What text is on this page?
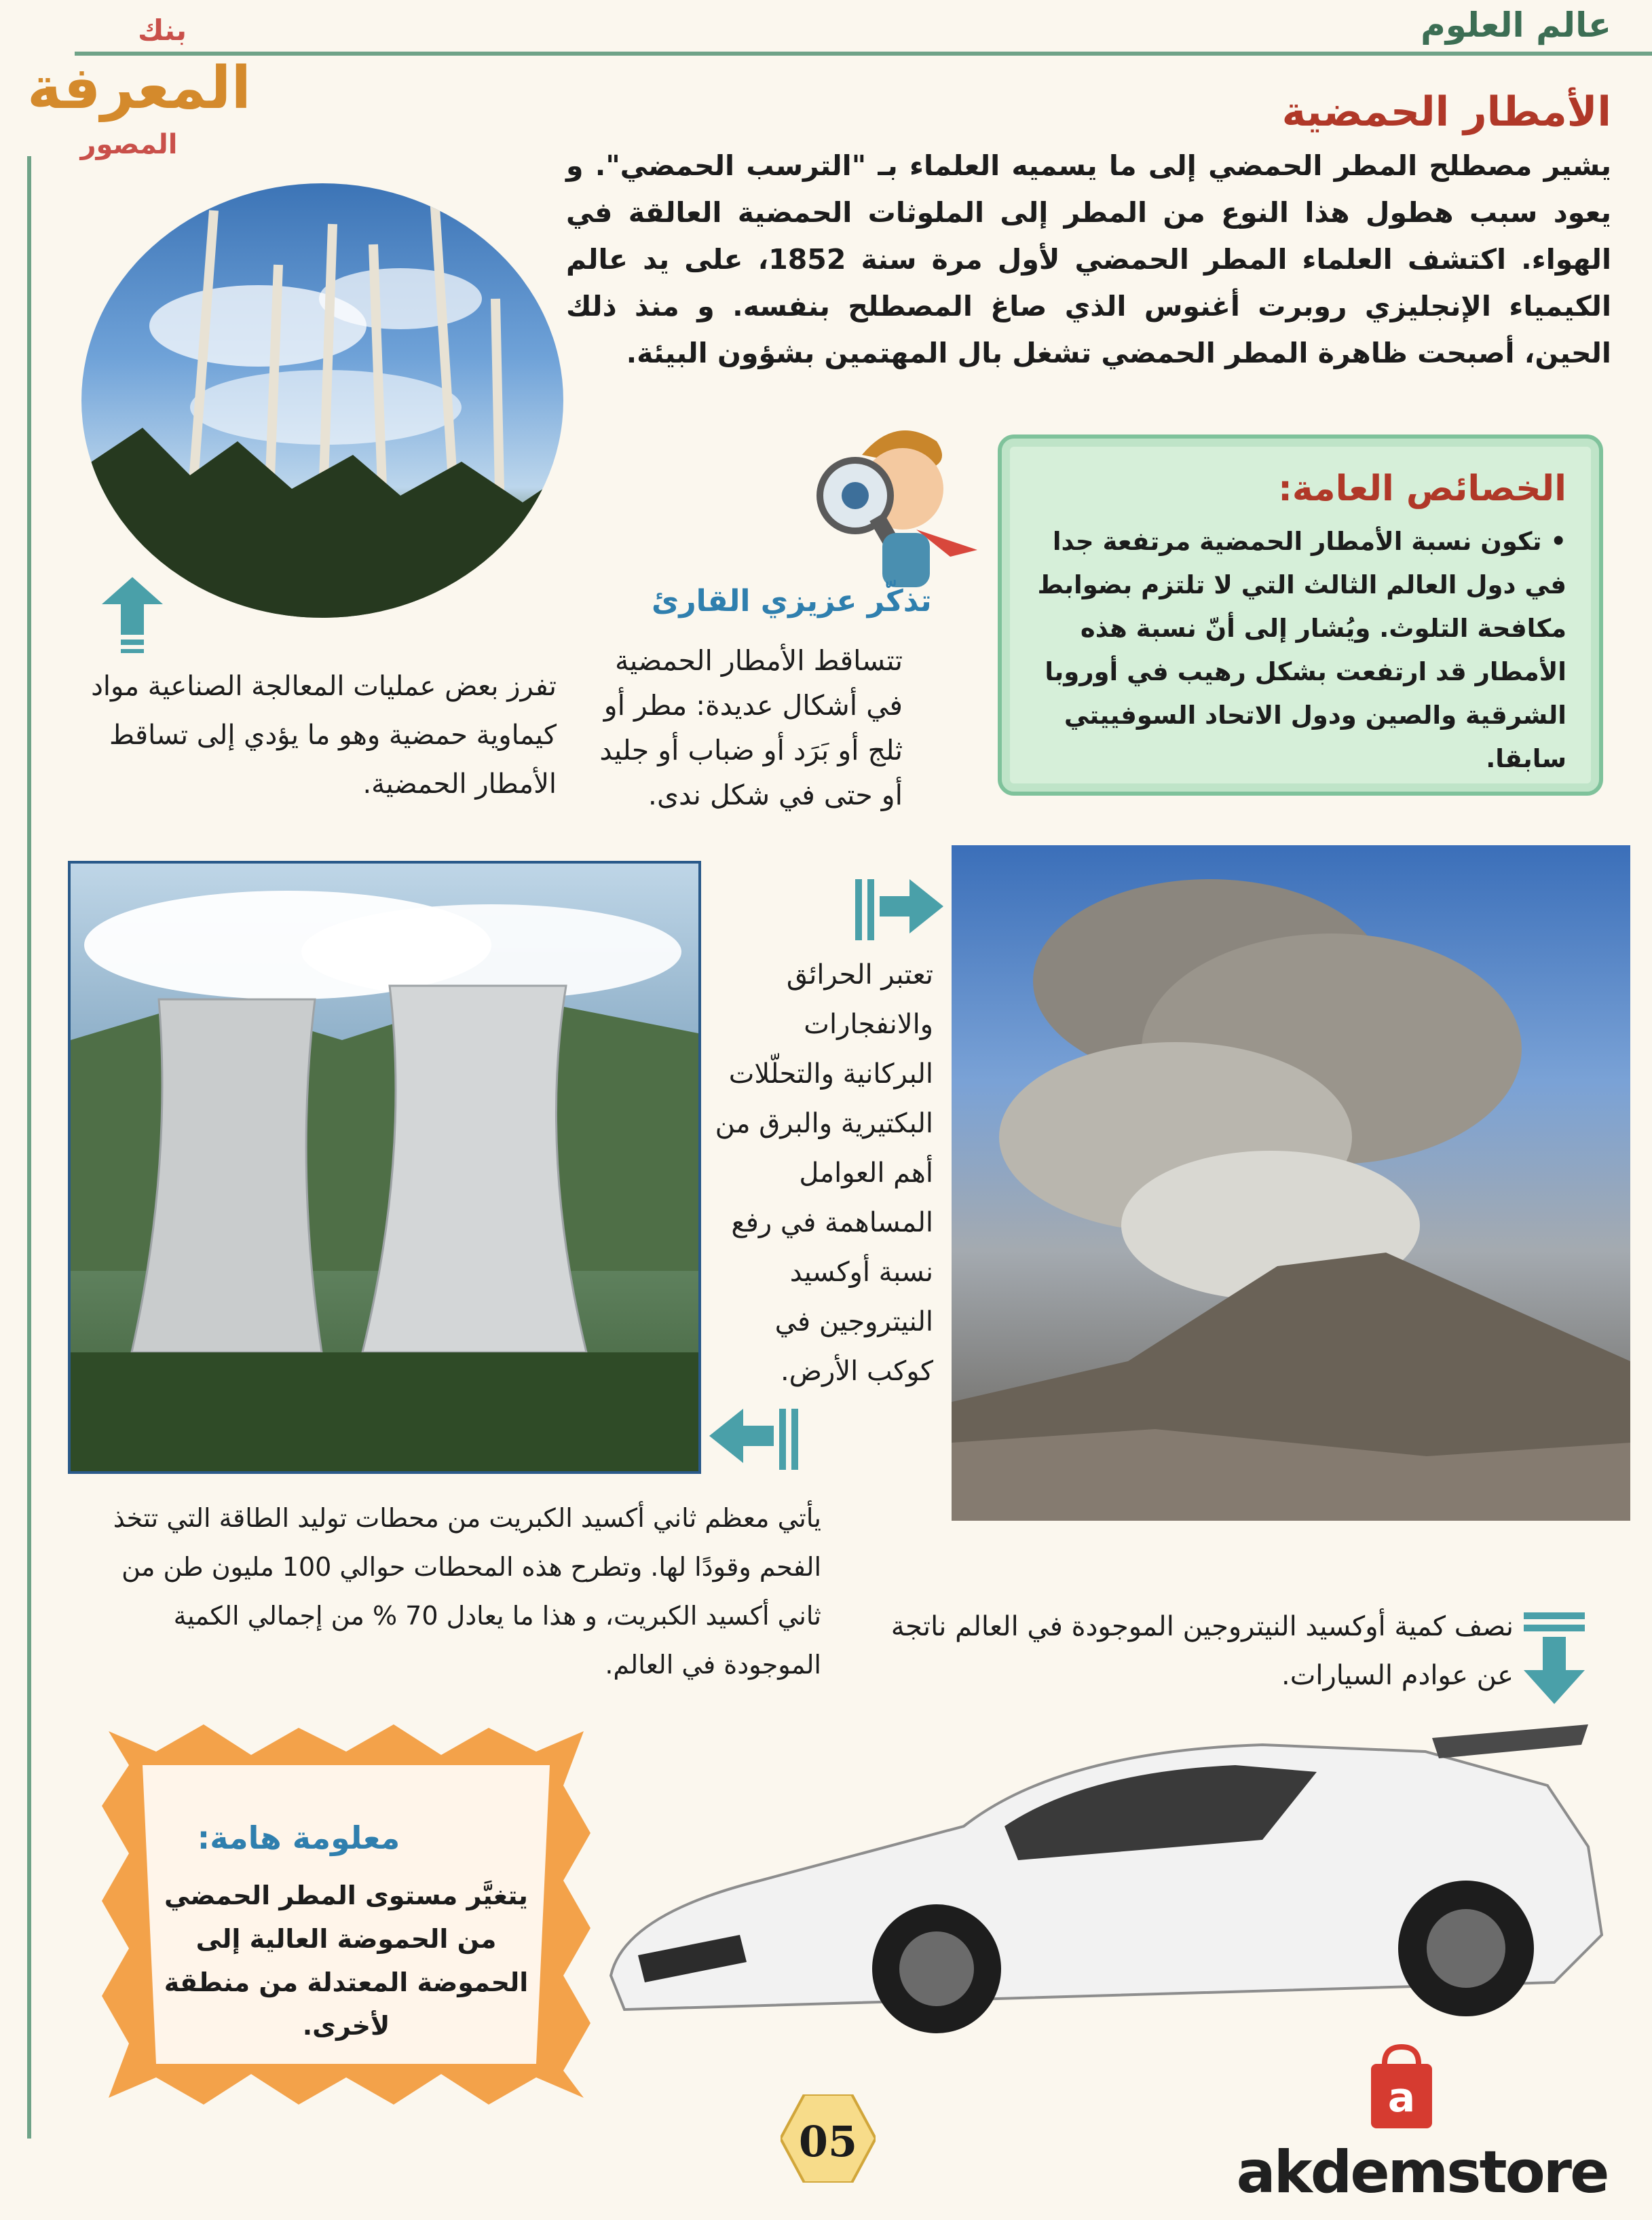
عالم العلوم
بنك
المعرفة
المصور
الأمطار الحمضية
يشير مصطلح المطر الحمضي إلى ما يسميه العلماء بـ "الترسب الحمضي". و يعود سبب هطول هذا النوع من المطر إلى الملوثات الحمضية العالقة في الهواء. اكتشف العلماء المطر الحمضي لأول مرة سنة 1852، على يد عالم الكيمياء الإنجليزي روبرت أغنوس الذي صاغ المصطلح بنفسه. و منذ ذلك الحين، أصبحت ظاهرة المطر الحمضي تشغل بال المهتمين بشؤون البيئة.
تفرز بعض عمليات المعالجة الصناعية مواد كيماوية حمضية وهو ما يؤدي إلى تساقط الأمطار الحمضية.
تذكّر عزيزي القارئ
تتساقط الأمطار الحمضية في أشكال عديدة: مطر أو ثلج أو بَرَد أو ضباب أو جليد أو حتى في شكل ندى.
الخصائص العامة:
• تكون نسبة الأمطار الحمضية مرتفعة جدا في دول العالم الثالث التي لا تلتزم بضوابط مكافحة التلوث. ويُشار إلى أنّ نسبة هذه الأمطار قد ارتفعت بشكل رهيب في أوروبا الشرقية والصين ودول الاتحاد السوفييتي سابقا.
تعتبر الحرائق والانفجارات البركانية والتحلّلات البكتيرية والبرق من أهم العوامل المساهمة في رفع نسبة أوكسيد النيتروجين في كوكب الأرض.
يأتي معظم ثاني أكسيد الكبريت من محطات توليد الطاقة التي تتخذ الفحم وقودًا لها. وتطرح هذه المحطات حوالي 100 مليون طن من ثاني أكسيد الكبريت، و هذا ما يعادل 70 % من إجمالي الكمية الموجودة في العالم.
نصف كمية أوكسيد النيتروجين الموجودة في العالم ناتجة عن عوادم السيارات.
معلومة هامة:
يتغيَّر مستوى المطر الحمضي من الحموضة العالية إلى الحموضة المعتدلة من منطقة لأخرى.
05
a
akdemstore
